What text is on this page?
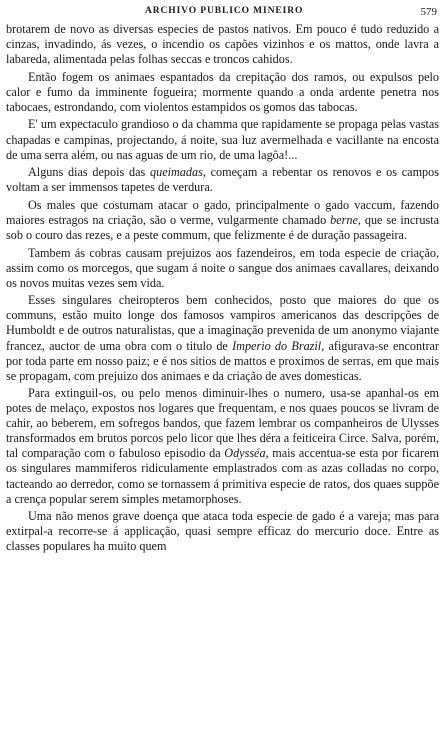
ARCHIVO PUBLICO MINEIRO	579

brotarem de novo as diversas especies de pastos nativos. Em pouco é tudo reduzido a cinzas, invadindo, ás vezes, o incendio os capões vizinhos e os mattos, onde lavra a labareda, alimentada pelas folhas seccas e troncos cahidos.

Então fogem os animaes espantados da crepitação dos ramos, ou expulsos pelo calor e fumo da imminente fogueira; mormente quando a onda ardente penetra nos tabocaes, estrondando, com violentos estampidos os gomos das tabocas.

E' um expectaculo grandioso o da chamma que rapidamente se propaga pelas vastas chapadas e campinas, projectando, á noite, sua luz avermelhada e vacillante na encosta de uma serra além, ou nas aguas de um rio, de uma lagôa!...

Alguns dias depois das queimadas, começam a rebentar os renovos e os campos voltam a ser immensos tapetes de verdura.

Os males que costumam atacar o gado, principalmente o gado vaccum, fazendo maiores estragos na criação, são o verme, vulgarmente chamado berne, que se incrusta sob o couro das rezes, e a peste commum, que felizmente é de duração passageira.

Tambem ás cobras causam prejuizos aos fazendeiros, em toda especie de criação, assim como os morcegos, que sugam á noite o sangue dos animaes cavallares, deixando os novos muitas vezes sem vida.

Esses singulares cheiropteros bem conhecidos, posto que maiores do que os communs, estão muito longe dos famosos vampiros americanos das descripções de Humboldt e de outros naturalistas, que a imaginação prevenida de um anonymo viajante francez, auctor de uma obra com o titulo de Imperio do Brazil, afigurava-se encontrar por toda parte em nosso paiz; e é nos sitios de mattos e proximos de serras, em que mais se propagam, com prejuizo dos animaes e da criação de aves domesticas.

Para extinguil-os, ou pelo menos diminuir-lhes o numero, usa-se apanhal-os em potes de melaço, expostos nos logares que frequentam, e nos quaes poucos se livram de cahir, ao beberem, em sofregos bandos, que fazem lembrar os companheiros de Ulysses transformados em brutos porcos pelo licor que lhes déra a feiticeira Circe. Salva, porém, tal comparação com o fabuloso episodio da Odysséa, mais accentua-se esta por ficarem os singulares mammiferos ridiculamente emplastrados com as azas colladas no corpo, tacteando ao derredor, como se tornassem á primitiva especie de ratos, dos quaes suppõe a crença popular serem simples metamorphoses.

Uma não menos grave doença que ataca toda especie de gado é a vareja; mas para extirpal-a recorre-se á applicação, quasi sempre efficaz do mercurio doce. Entre as classes populares ha muito quem
